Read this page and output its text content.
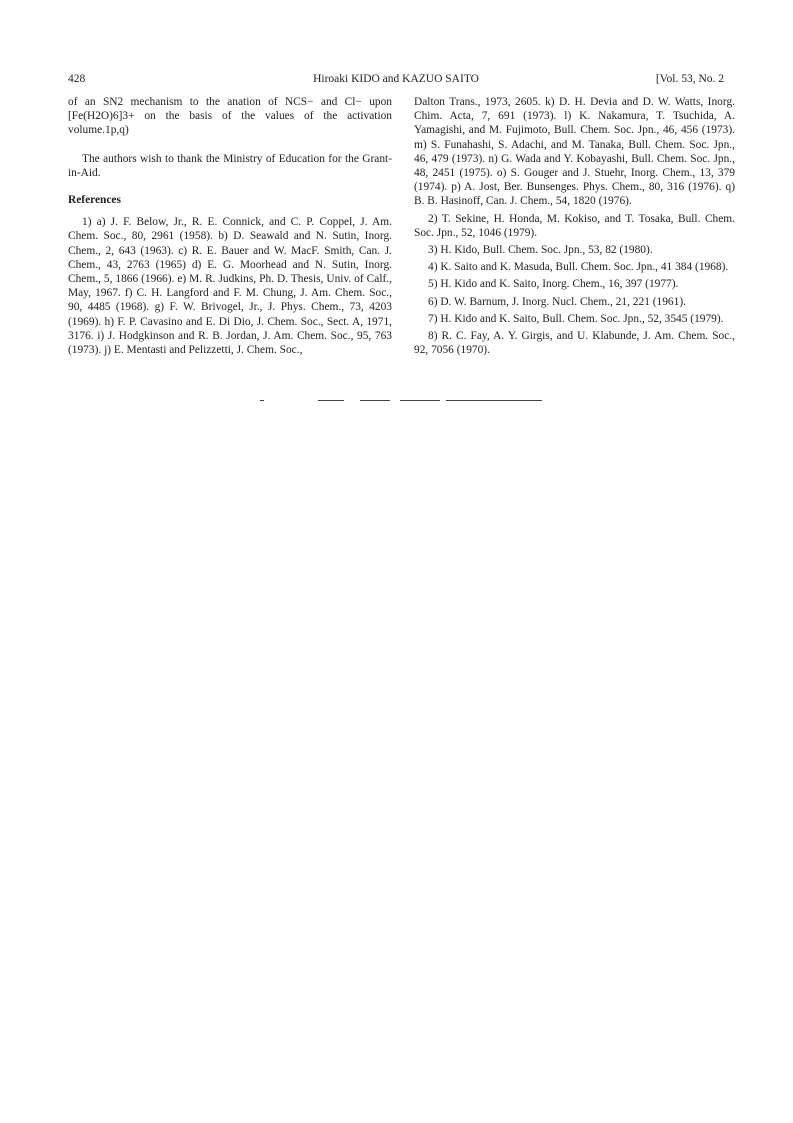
428	Hiroaki KIDO and KAZUO SAITO	[Vol. 53, No. 2

of an SN2 mechanism to the anation of NCS− and Cl− upon [Fe(H2O)6]3+ on the basis of the values of the activation volume.1p,q)

The authors wish to thank the Ministry of Education for the Grant-in-Aid.

References

1) a) J. F. Below, Jr., R. E. Connick, and C. P. Coppel, J. Am. Chem. Soc., 80, 2961 (1958). b) D. Seawald and N. Sutin, Inorg. Chem., 2, 643 (1963). c) R. E. Bauer and W. MacF. Smith, Can. J. Chem., 43, 2763 (1965) d) E. G. Moorhead and N. Sutin, Inorg. Chem., 5, 1866 (1966). e) M. R. Judkins, Ph. D. Thesis, Univ. of Calf., May, 1967. f) C. H. Langford and F. M. Chung, J. Am. Chem. Soc., 90, 4485 (1968). g) F. W. Brivogel, Jr., J. Phys. Chem., 73, 4203 (1969). h) F. P. Cavasino and E. Di Dio, J. Chem. Soc., Sect. A, 1971, 3176. i) J. Hodgkinson and R. B. Jordan, J. Am. Chem. Soc., 95, 763 (1973). j) E. Mentasti and Pelizzetti, J. Chem. Soc.,

Dalton Trans., 1973, 2605. k) D. H. Devia and D. W. Watts, Inorg. Chim. Acta, 7, 691 (1973). l) K. Nakamura, T. Tsuchida, A. Yamagishi, and M. Fujimoto, Bull. Chem. Soc. Jpn., 46, 456 (1973). m) S. Funahashi, S. Adachi, and M. Tanaka, Bull. Chem. Soc. Jpn., 46, 479 (1973). n) G. Wada and Y. Kobayashi, Bull. Chem. Soc. Jpn., 48, 2451 (1975). o) S. Gouger and J. Stuehr, Inorg. Chem., 13, 379 (1974). p) A. Jost, Ber. Bunsenges. Phys. Chem., 80, 316 (1976). q) B. B. Hasinoff, Can. J. Chem., 54, 1820 (1976).

2) T. Sekine, H. Honda, M. Kokiso, and T. Tosaka, Bull. Chem. Soc. Jpn., 52, 1046 (1979).

3) H. Kido, Bull. Chem. Soc. Jpn., 53, 82 (1980).

4) K. Saito and K. Masuda, Bull. Chem. Soc. Jpn., 41 384 (1968).

5) H. Kido and K. Saito, Inorg. Chem., 16, 397 (1977).

6) D. W. Barnum, J. Inorg. Nucl. Chem., 21, 221 (1961).

7) H. Kido and K. Saito, Bull. Chem. Soc. Jpn., 52, 3545 (1979).

8) R. C. Fay, A. Y. Girgis, and U. Klabunde, J. Am. Chem. Soc., 92, 7056 (1970).
